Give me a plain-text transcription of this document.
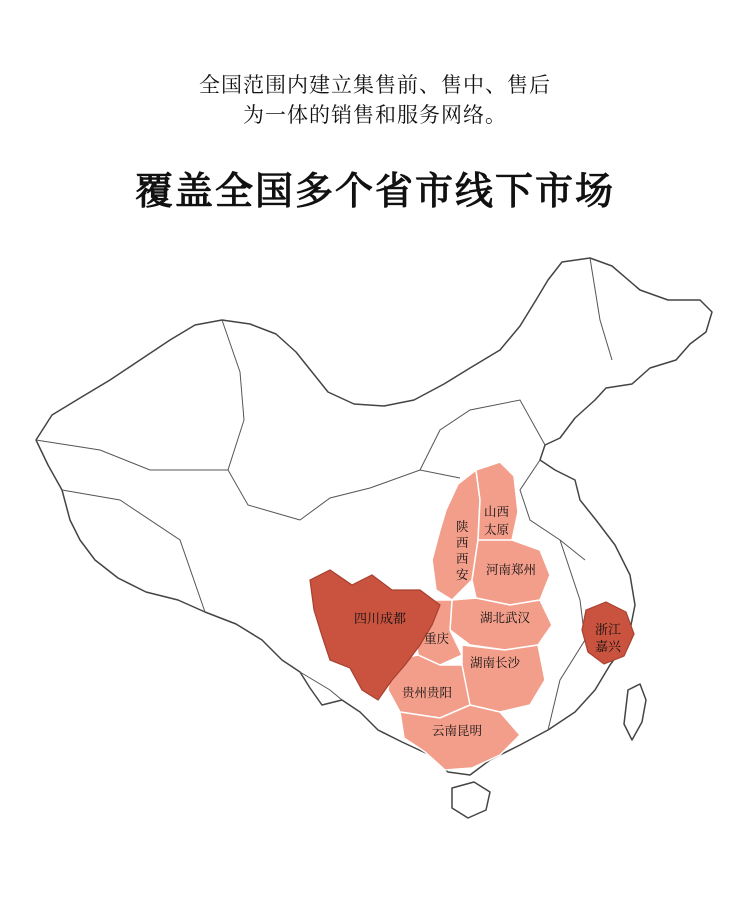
全国范围内建立集售前、售中、售后
为一体的销售和服务网络。
覆盖全国多个省市线下市场
四川成都
陕
西
西
安
山西
太原
河南郑州
湖北武汉
重庆
湖南长沙
贵州贵阳
云南昆明
浙江
嘉兴
